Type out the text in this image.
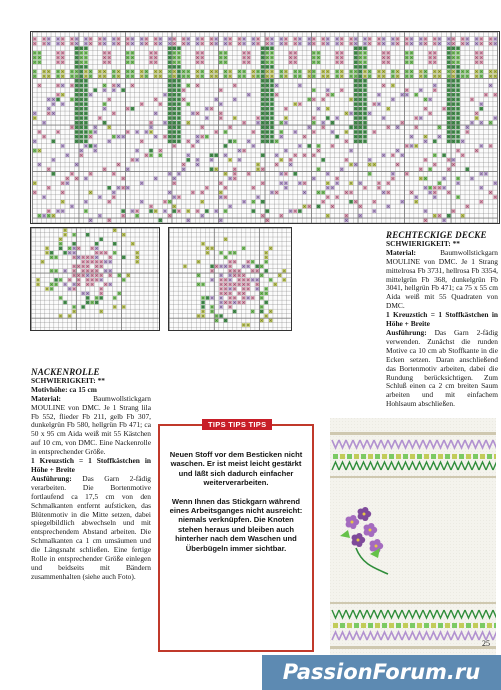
RECHTECKIGE DECKE

SCHWIERIGKEIT: **

Material:	Baumwollstickgarn MOULINE von DMC. Je 1 Strang mittelrosa Fb 3731, hellrosa Fb 3354, mittelgrün Fb 368, dunkelgrün Fb 3041, hellgrün Fb 471; ca 75 x 55 cm Aida weiß mit 55 Quadraten von DMC.

1 Kreuzstich = 1 Stoffkästchen in Höhe + Breite

Ausführung: Das Garn 2-fädig verwenden. Zunächst die runden Motive ca 10 cm ab Stoffkante in die Ecken setzen. Daran anschließend das Bortenmotiv arbeiten, dabei die Rundung berücksichtigen. Zum Schluß einen ca 2 cm breiten Saum arbeiten und mit einfachem Hohlsaum abschließen.

NACKENROLLE

SCHWIERIGKEIT: **

Motivhöhe: ca 15 cm

Material:	Baumwollstickgarn MOULINE von DMC. Je 1 Strang lila Fb 552, flieder Fb 211, gelb Fb 307, dunkelgrün Fb 580, hellgrün Fb 471; ca 50 x 95 cm Aida weiß mit 55 Kästchen auf 10 cm, von DMC. Eine Nackenrolle in entsprechender Größe.

1 Kreuzstich = 1 Stoffkästchen in Höhe + Breite

Ausführung: Das Garn 2-fädig verarbeiten. Die Bortenmotive fortlaufend ca 17,5 cm von den Schmalkanten entfernt aufsticken, das Blütenmotiv in die Mitte setzen, dabei spiegelbildlich abwechseln und mit entsprechendem Abstand arbeiten. Die Schmalkanten ca 1 cm umsäumen und die Längsnaht schließen. Eine fertige Rolle in entsprechender Größe einlegen und beidseits mit Bändern zusammenhalten (siehe auch Foto).

TIPS TIPS TIPS

Neuen Stoff vor dem Besticken nicht waschen. Er ist meist leicht gestärkt und läßt sich dadurch einfacher weiterverarbeiten.

Wenn Ihnen das Stickgarn während eines Arbeitsganges nicht ausreicht: niemals verknüpfen. Die Knoten stehen heraus und bleiben auch hinterher nach dem Waschen und Überbügeln immer sichtbar.

25
PassionForum.ru
